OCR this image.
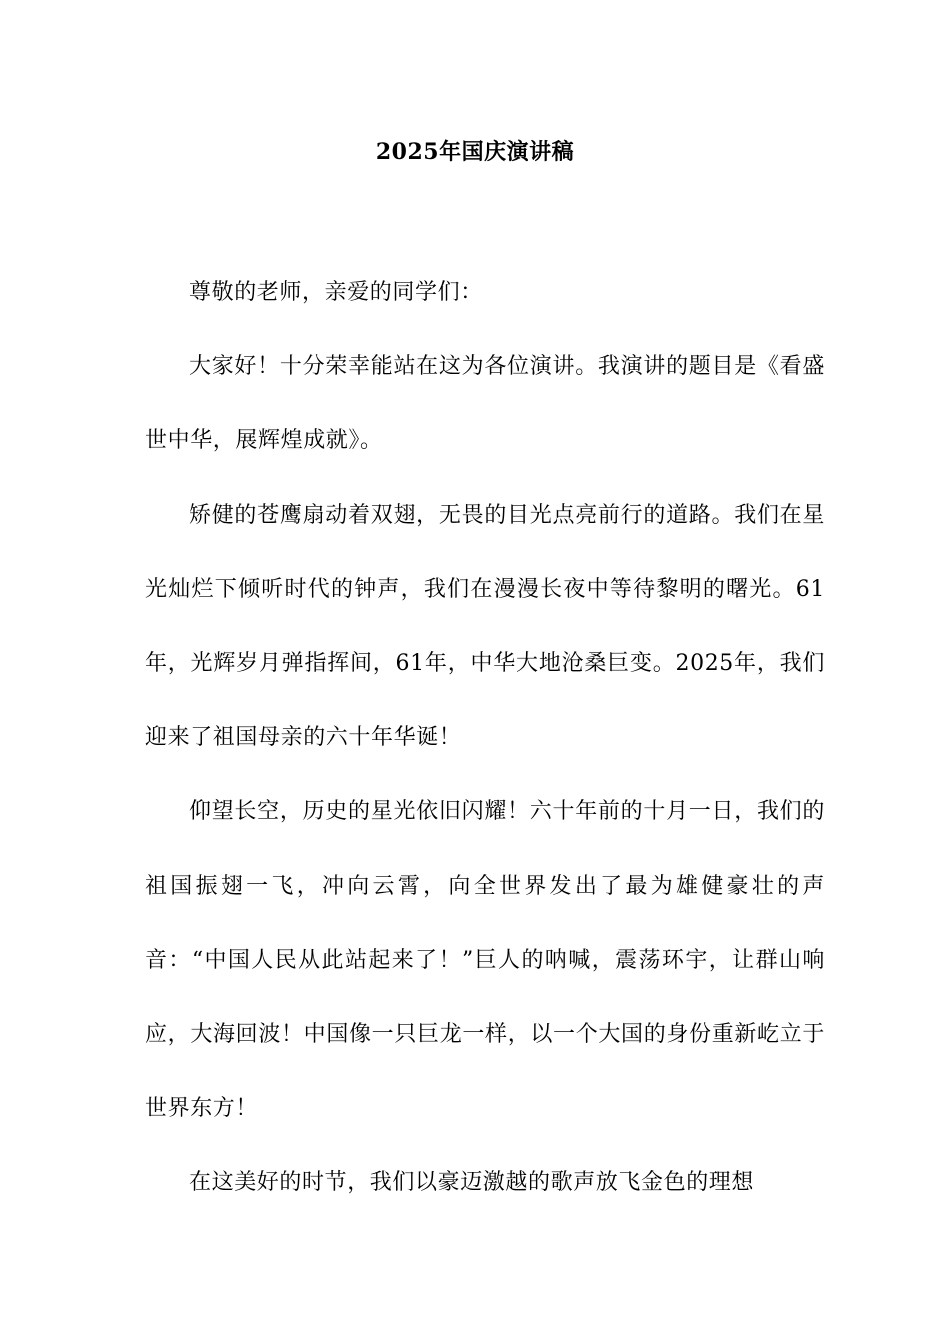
2025年国庆演讲稿

尊敬的老师，亲爱的同学们：

大家好！十分荣幸能站在这为各位演讲。我演讲的题目是《看盛世中华，展辉煌成就》。

矫健的苍鹰扇动着双翅，无畏的目光点亮前行的道路。我们在星光灿烂下倾听时代的钟声，我们在漫漫长夜中等待黎明的曙光。61年，光辉岁月弹指挥间，61年，中华大地沧桑巨变。2025年，我们迎来了祖国母亲的六十年华诞！

仰望长空，历史的星光依旧闪耀！六十年前的十月一日，我们的祖国振翅一飞，冲向云霄，向全世界发出了最为雄健豪壮的声音：“中国人民从此站起来了！”巨人的呐喊，震荡环宇，让群山响应，大海回波！中国像一只巨龙一样，以一个大国的身份重新屹立于世界东方！

在这美好的时节，我们以豪迈激越的歌声放飞金色的理想
